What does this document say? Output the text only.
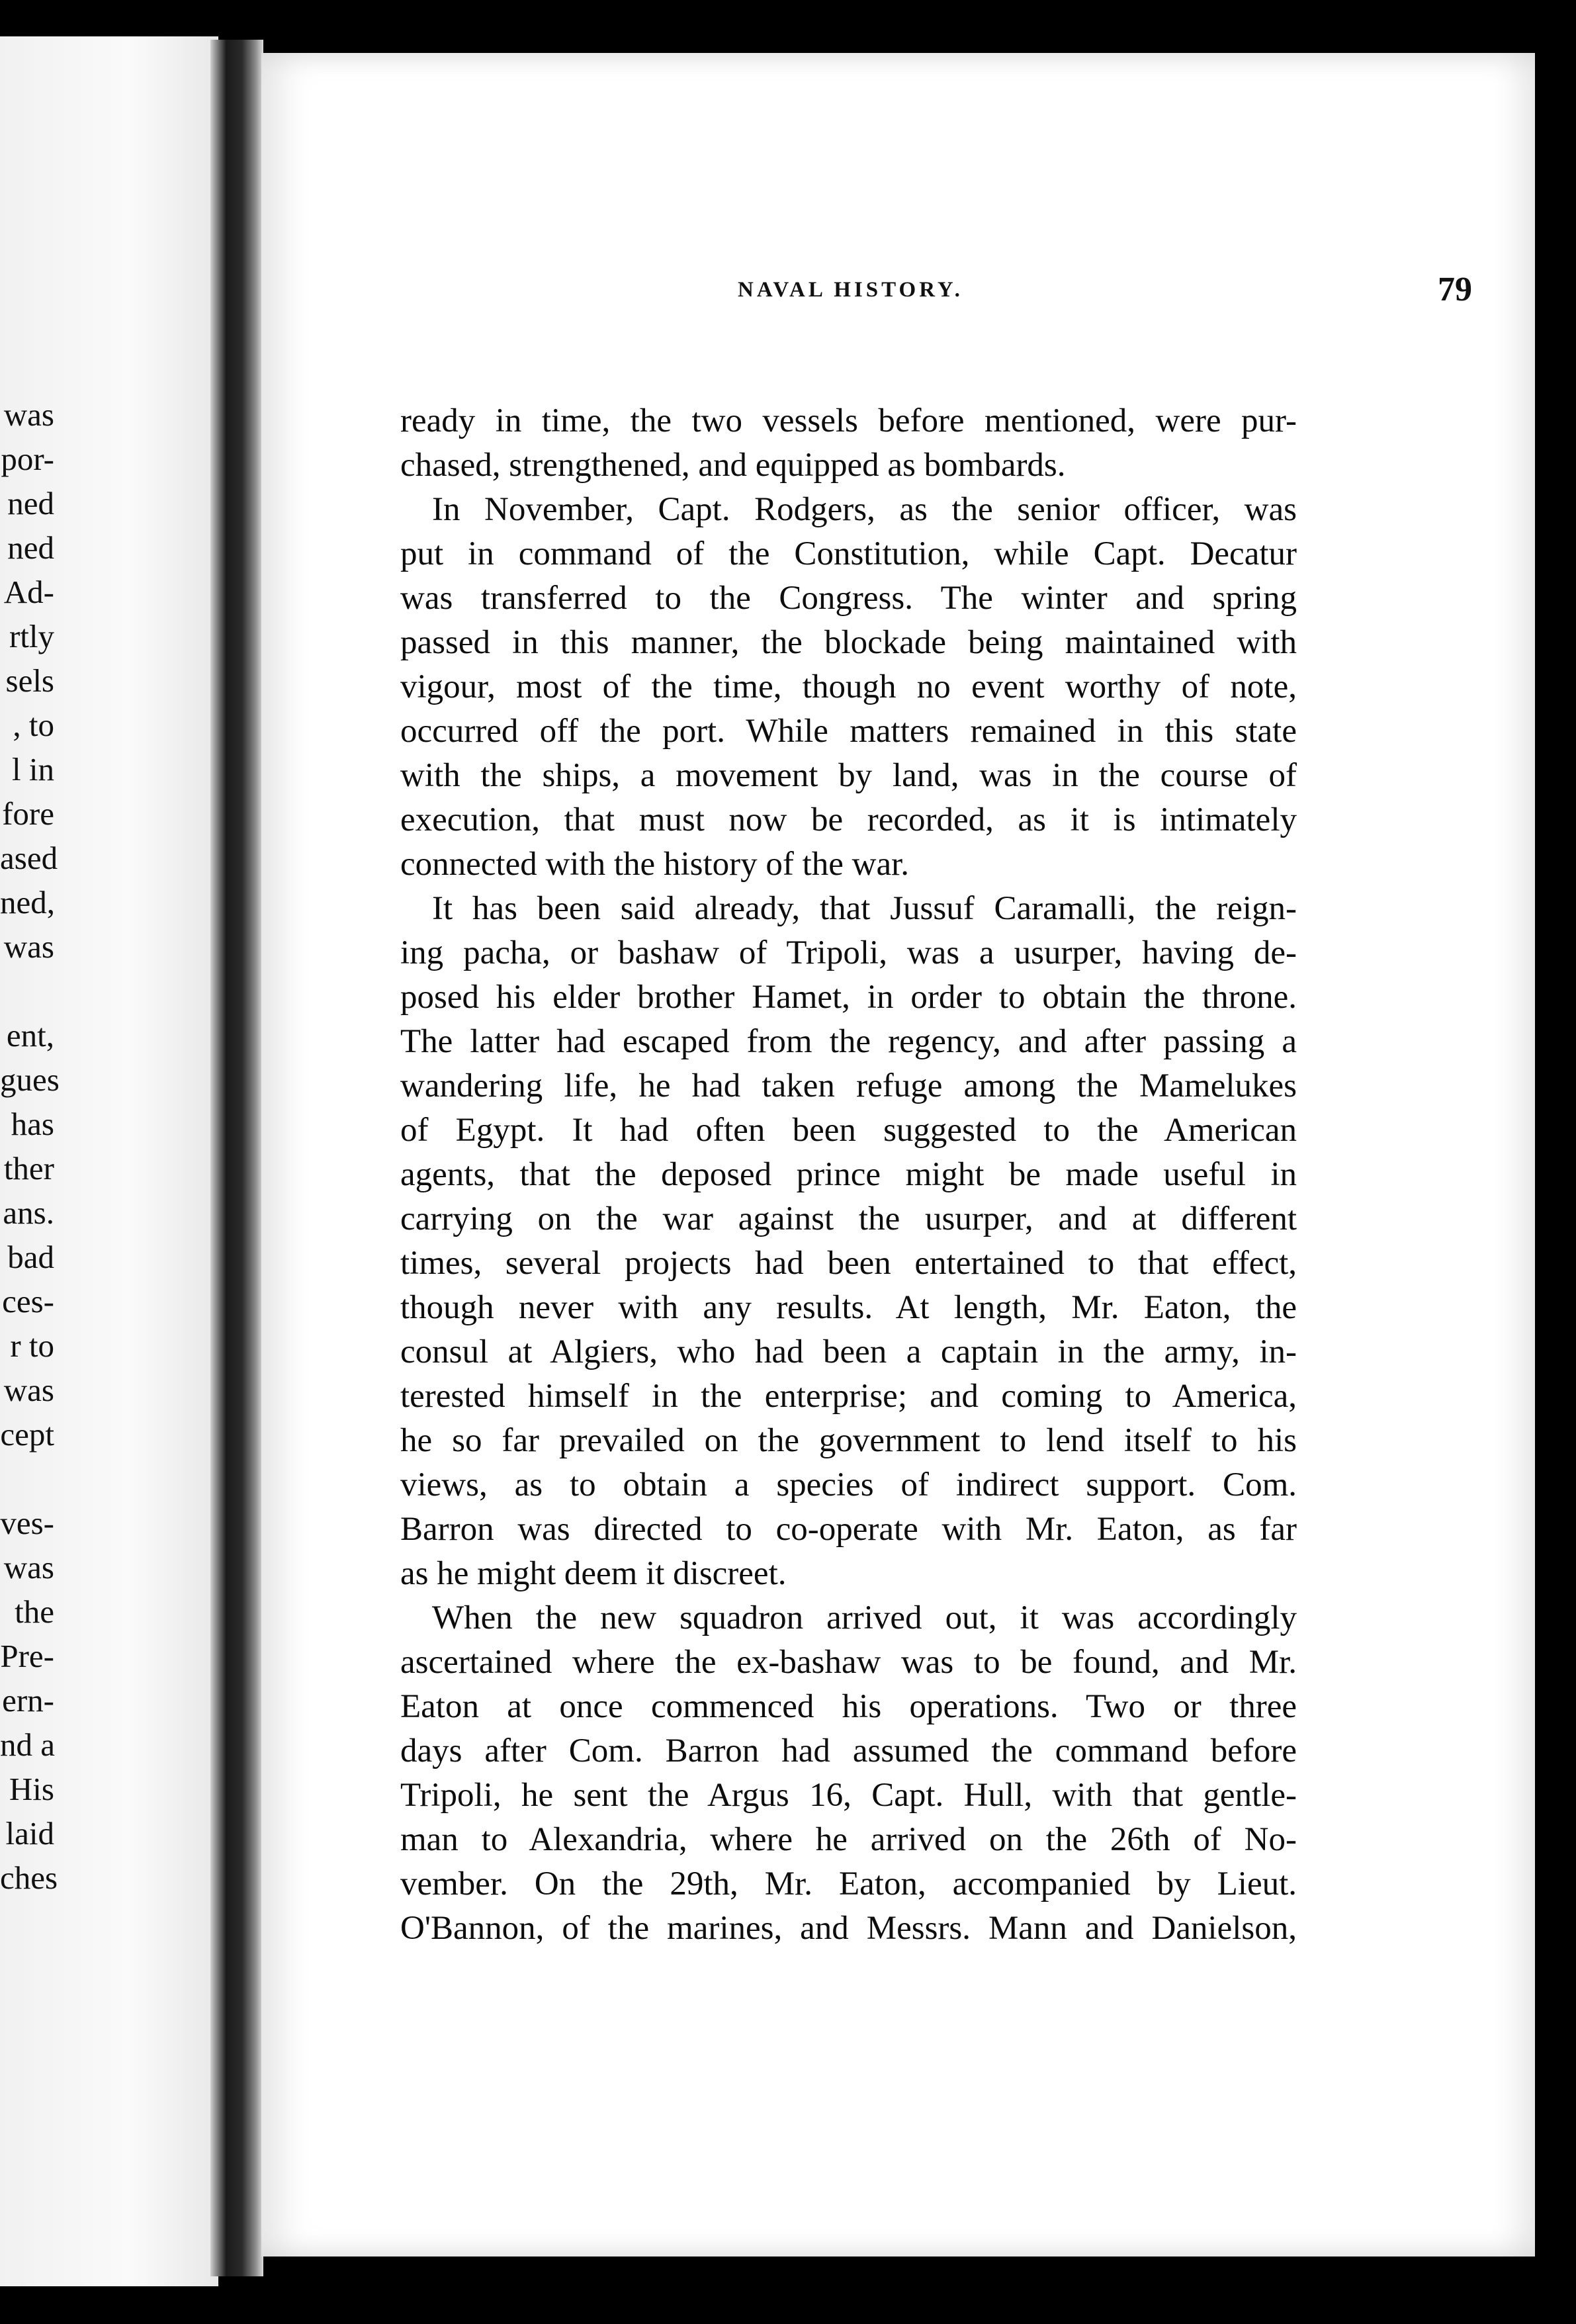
was
por-
ned
ned
Ad-
rtly
sels
, to
l in
fore
ased
ned,
was
ent,
gues
has
ther
ans.
bad
ces-
r to
was
cept
ves-
was
the
Pre-
ern-
nd a
His
laid
ches
NAVAL HISTORY.	79
ready in time, the two vessels before mentioned, were pur-
chased, strengthened, and equipped as bombards.
In November, Capt. Rodgers, as the senior officer, was
put in command of the Constitution, while Capt. Decatur
was transferred to the Congress. The winter and spring
passed in this manner, the blockade being maintained with
vigour, most of the time, though no event worthy of note,
occurred off the port. While matters remained in this state
with the ships, a movement by land, was in the course of
execution, that must now be recorded, as it is intimately
connected with the history of the war.
It has been said already, that Jussuf Caramalli, the reign-
ing pacha, or bashaw of Tripoli, was a usurper, having de-
posed his elder brother Hamet, in order to obtain the throne.
The latter had escaped from the regency, and after passing a
wandering life, he had taken refuge among the Mamelukes
of Egypt. It had often been suggested to the American
agents, that the deposed prince might be made useful in
carrying on the war against the usurper, and at different
times, several projects had been entertained to that effect,
though never with any results. At length, Mr. Eaton, the
consul at Algiers, who had been a captain in the army, in-
terested himself in the enterprise; and coming to America,
he so far prevailed on the government to lend itself to his
views, as to obtain a species of indirect support. Com.
Barron was directed to co-operate with Mr. Eaton, as far
as he might deem it discreet.
When the new squadron arrived out, it was accordingly
ascertained where the ex-bashaw was to be found, and Mr.
Eaton at once commenced his operations. Two or three
days after Com. Barron had assumed the command before
Tripoli, he sent the Argus 16, Capt. Hull, with that gentle-
man to Alexandria, where he arrived on the 26th of No-
vember. On the 29th, Mr. Eaton, accompanied by Lieut.
O'Bannon, of the marines, and Messrs. Mann and Danielson,
